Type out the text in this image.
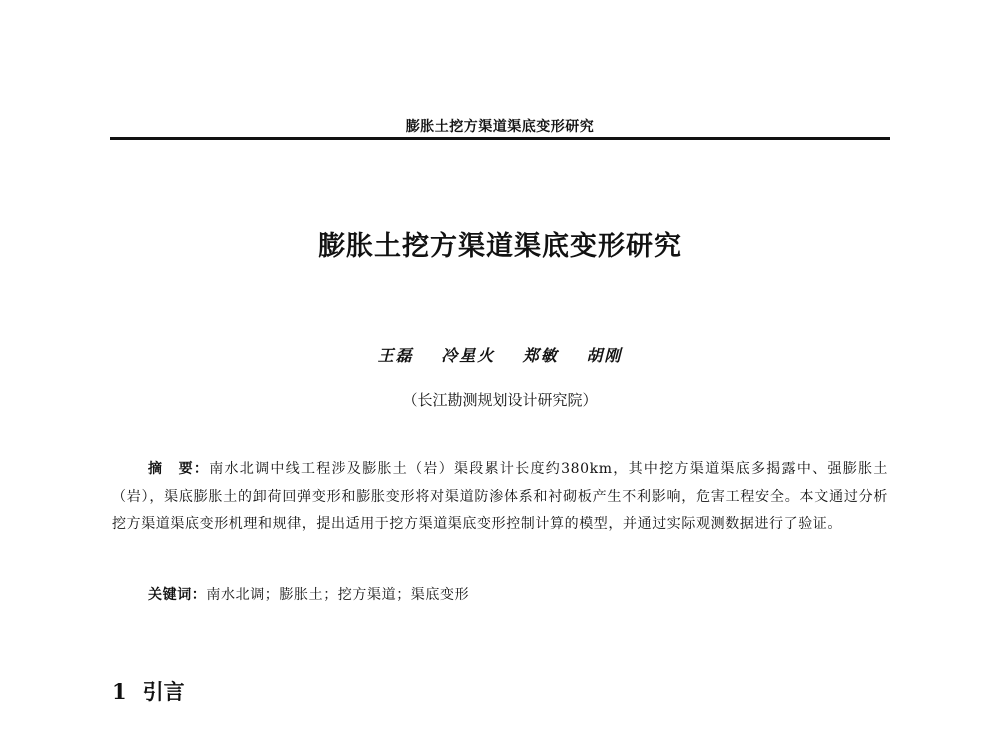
膨胀土挖方渠道渠底变形研究
膨胀土挖方渠道渠底变形研究
王磊 冷星火 郑敏 胡刚
（长江勘测规划设计研究院）
摘　要：南水北调中线工程涉及膨胀土（岩）渠段累计长度约380km，其中挖方渠道渠底多揭露中、强膨胀土（岩），渠底膨胀土的卸荷回弹变形和膨胀变形将对渠道防渗体系和衬砌板产生不利影响，危害工程安全。本文通过分析挖方渠道渠底变形机理和规律，提出适用于挖方渠道渠底变形控制计算的模型，并通过实际观测数据进行了验证。
关键词：南水北调；膨胀土；挖方渠道；渠底变形
1 引言
